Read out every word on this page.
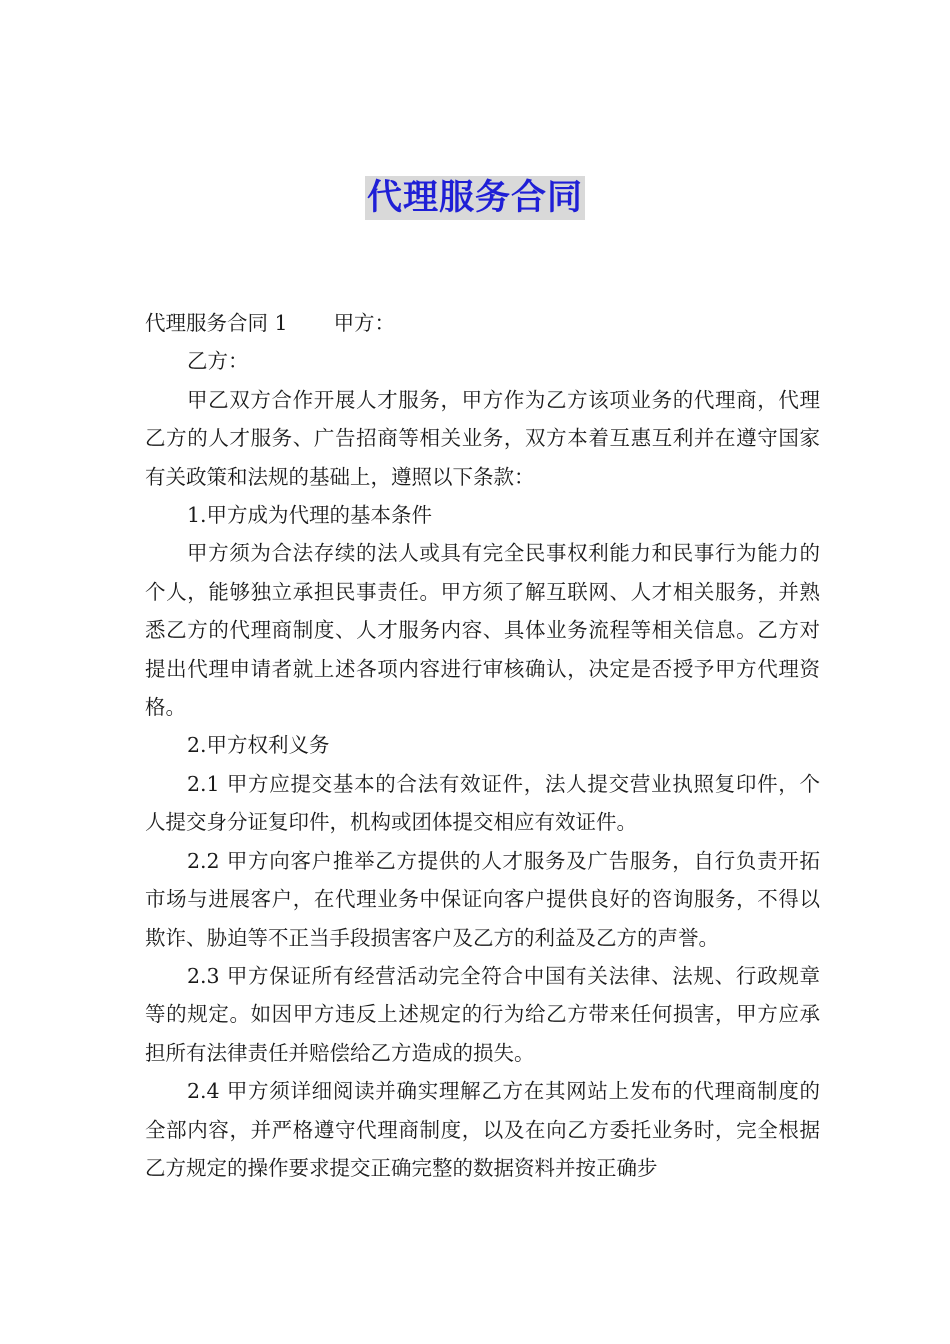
代理服务合同

代理服务合同 1 甲方：

乙方：

甲乙双方合作开展人才服务，甲方作为乙方该项业务的代理商，代理乙方的人才服务、广告招商等相关业务，双方本着互惠互利并在遵守国家有关政策和法规的基础上，遵照以下条款：

1.甲方成为代理的基本条件

甲方须为合法存续的法人或具有完全民事权利能力和民事行为能力的个人，能够独立承担民事责任。甲方须了解互联网、人才相关服务，并熟悉乙方的代理商制度、人才服务内容、具体业务流程等相关信息。乙方对提出代理申请者就上述各项内容进行审核确认，决定是否授予甲方代理资格。

2.甲方权利义务

2.1 甲方应提交基本的合法有效证件，法人提交营业执照复印件，个人提交身分证复印件，机构或团体提交相应有效证件。

2.2 甲方向客户推举乙方提供的人才服务及广告服务，自行负责开拓市场与进展客户，在代理业务中保证向客户提供良好的咨询服务，不得以欺诈、胁迫等不正当手段损害客户及乙方的利益及乙方的声誉。

2.3 甲方保证所有经营活动完全符合中国有关法律、法规、行政规章等的规定。如因甲方违反上述规定的行为给乙方带来任何损害，甲方应承担所有法律责任并赔偿给乙方造成的损失。

2.4 甲方须详细阅读并确实理解乙方在其网站上发布的代理商制度的全部内容，并严格遵守代理商制度，以及在向乙方委托业务时，完全根据乙方规定的操作要求提交正确完整的数据资料并按正确步
